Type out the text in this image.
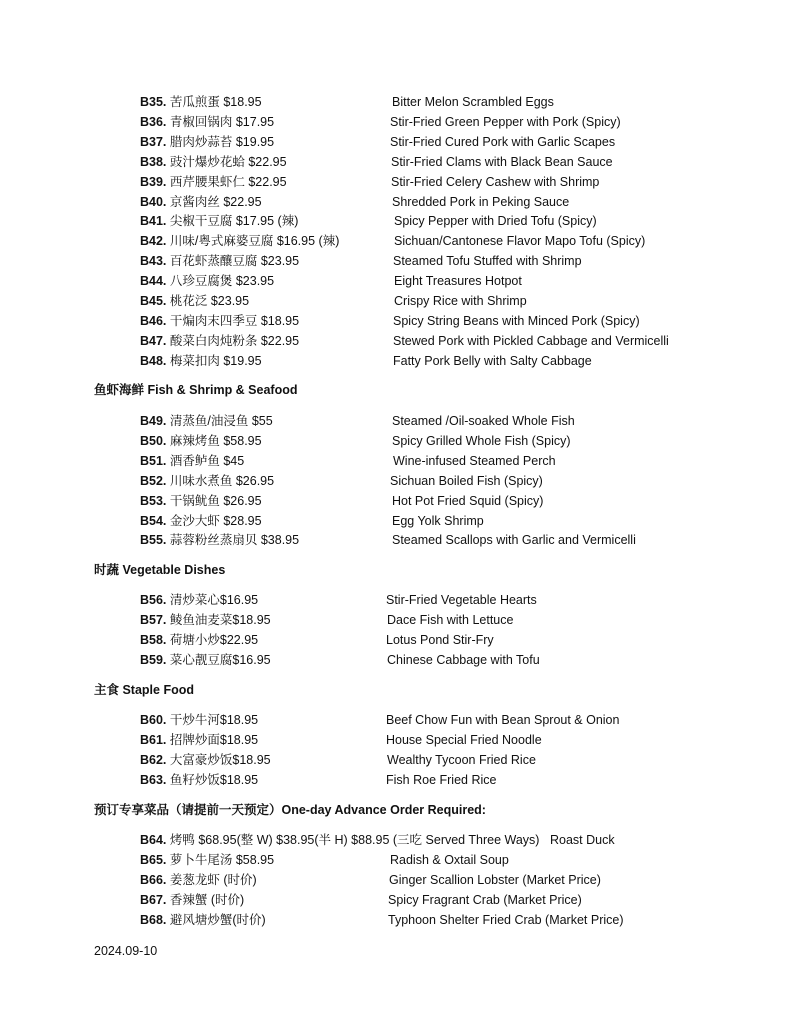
B35. 苦瓜煎蛋 $18.95	Bitter Melon Scrambled Eggs
B36. 青椒回锅肉 $17.95	Stir-Fried Green Pepper with Pork (Spicy)
B37. 腊肉炒蒜苔 $19.95	Stir-Fried Cured Pork with Garlic Scapes
B38. 豉汁爆炒花蛤 $22.95	Stir-Fried Clams with Black Bean Sauce
B39. 西芹腰果虾仁 $22.95	Stir-Fried Celery Cashew with Shrimp
B40. 京酱肉丝 $22.95	Shredded Pork in Peking Sauce
B41. 尖椒干豆腐 $17.95 (辣)	Spicy Pepper with Dried Tofu (Spicy)
B42. 川味/粤式麻婆豆腐 $16.95 (辣)	Sichuan/Cantonese Flavor Mapo Tofu (Spicy)
B43. 百花虾蒸釀豆腐 $23.95	Steamed Tofu Stuffed with Shrimp
B44. 八珍豆腐煲 $23.95	Eight Treasures Hotpot
B45. 桃花泛 $23.95	Crispy Rice with Shrimp
B46. 干煸肉末四季豆 $18.95	Spicy String Beans with Minced Pork (Spicy)
B47. 酸菜白肉炖粉条 $22.95	Stewed Pork with Pickled Cabbage and Vermicelli
B48. 梅菜扣肉 $19.95	Fatty Pork Belly with Salty Cabbage
鱼虾海鲜 Fish & Shrimp & Seafood
B49. 清蒸鱼/油浸鱼 $55	Steamed /Oil-soaked Whole Fish
B50. 麻辣烤鱼 $58.95	Spicy Grilled Whole Fish (Spicy)
B51. 酒香鲈鱼 $45	Wine-infused Steamed Perch
B52. 川味水煮鱼 $26.95	Sichuan Boiled Fish (Spicy)
B53. 干锅鱿鱼 $26.95	Hot Pot Fried Squid (Spicy)
B54. 金沙大虾 $28.95	Egg Yolk Shrimp
B55. 蒜蓉粉丝蒸扇贝 $38.95	Steamed Scallops with Garlic and Vermicelli
时蔬 Vegetable Dishes
B56. 清炒菜心$16.95	Stir-Fried Vegetable Hearts
B57. 鲮鱼油麦菜$18.95	Dace Fish with Lettuce
B58. 荷塘小炒$22.95	Lotus Pond Stir-Fry
B59. 菜心靓豆腐$16.95	Chinese Cabbage with Tofu
主食 Staple Food
B60. 干炒牛河$18.95	Beef Chow Fun with Bean Sprout & Onion
B61. 招牌炒面$18.95	House Special Fried Noodle
B62. 大富豪炒饭$18.95	Wealthy Tycoon Fried Rice
B63. 鱼籽炒饭$18.95	Fish Roe Fried Rice
预订专享菜品（请提前一天预定）One-day Advance Order Required:
B64. 烤鸭 $68.95(整 W) $38.95(半 H) $88.95 (三吃 Served Three Ways) Roast Duck
B65. 萝卜牛尾汤 $58.95	Radish & Oxtail Soup
B66. 姜葱龙虾 (时价)	Ginger Scallion Lobster (Market Price)
B67. 香辣蟹 (时价)	Spicy Fragrant Crab (Market Price)
B68. 避风塘炒蟹(时价)	Typhoon Shelter Fried Crab (Market Price)
2024.09-10
